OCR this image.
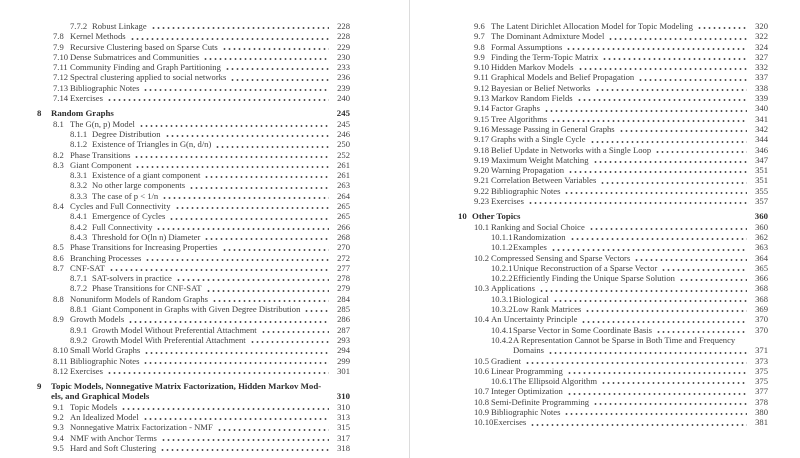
7.7.2 Robust Linkage	228
7.8 Kernel Methods	228
7.9 Recursive Clustering based on Sparse Cuts	229
7.10 Dense Submatrices and Communities	230
7.11 Community Finding and Graph Partitioning	233
7.12 Spectral clustering applied to social networks	236
7.13 Bibliographic Notes	239
7.14 Exercises	240
8	Random Graphs	245
8.1 The G(n, p) Model	245
8.1.1 Degree Distribution	246
8.1.2 Existence of Triangles in G(n, d/n)	250
8.2 Phase Transitions	252
8.3 Giant Component	261
8.3.1 Existence of a giant component	261
8.3.2 No other large components	263
8.3.3 The case of p < 1/n	264
8.4 Cycles and Full Connectivity	265
8.4.1 Emergence of Cycles	265
8.4.2 Full Connectivity	266
8.4.3 Threshold for O(ln n) Diameter	268
8.5 Phase Transitions for Increasing Properties	270
8.6 Branching Processes	272
8.7 CNF-SAT	277
8.7.1 SAT-solvers in practice	278
8.7.2 Phase Transitions for CNF-SAT	279
8.8 Nonuniform Models of Random Graphs	284
8.8.1 Giant Component in Graphs with Given Degree Distribution	285
8.9 Growth Models	286
8.9.1 Growth Model Without Preferential Attachment	287
8.9.2 Growth Model With Preferential Attachment	293
8.10 Small World Graphs	294
8.11 Bibliographic Notes	299
8.12 Exercises	301
9	Topic Models, Nonnegative Matrix Factorization, Hidden Markov Mod-
els, and Graphical Models	310
9.1 Topic Models	310
9.2 An Idealized Model	313
9.3 Nonnegative Matrix Factorization - NMF	315
9.4 NMF with Anchor Terms	317
9.5 Hard and Soft Clustering	318
9.6 The Latent Dirichlet Allocation Model for Topic Modeling	320
9.7 The Dominant Admixture Model	322
9.8 Formal Assumptions	324
9.9 Finding the Term-Topic Matrix	327
9.10 Hidden Markov Models	332
9.11 Graphical Models and Belief Propagation	337
9.12 Bayesian or Belief Networks	338
9.13 Markov Random Fields	339
9.14 Factor Graphs	340
9.15 Tree Algorithms	341
9.16 Message Passing in General Graphs	342
9.17 Graphs with a Single Cycle	344
9.18 Belief Update in Networks with a Single Loop	346
9.19 Maximum Weight Matching	347
9.20 Warning Propagation	351
9.21 Correlation Between Variables	351
9.22 Bibliographic Notes	355
9.23 Exercises	357
10 Other Topics	360
10.1 Ranking and Social Choice	360
10.1.1 Randomization	362
10.1.2 Examples	363
10.2 Compressed Sensing and Sparse Vectors	364
10.2.1 Unique Reconstruction of a Sparse Vector	365
10.2.2 Efficiently Finding the Unique Sparse Solution	366
10.3 Applications	368
10.3.1 Biological	368
10.3.2 Low Rank Matrices	369
10.4 An Uncertainty Principle	370
10.4.1 Sparse Vector in Some Coordinate Basis	370
10.4.2 A Representation Cannot be Sparse in Both Time and Frequency
Domains	371
10.5 Gradient	373
10.6 Linear Programming	375
10.6.1 The Ellipsoid Algorithm	375
10.7 Integer Optimization	377
10.8 Semi-Definite Programming	378
10.9 Bibliographic Notes	380
10.10 Exercises	381
